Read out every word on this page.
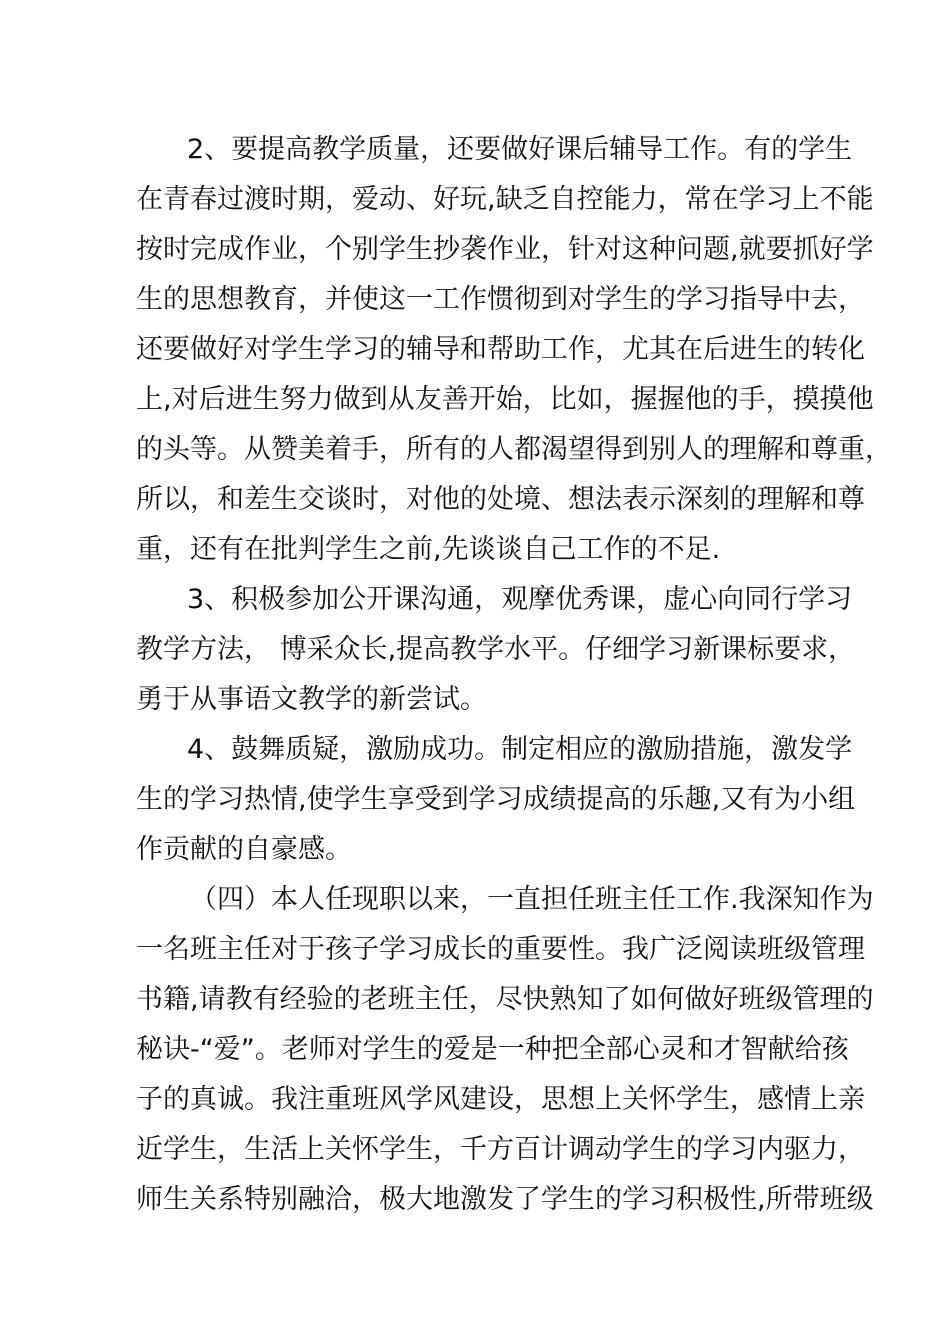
2、要提高教学质量，还要做好课后辅导工作。有的学生
在青春过渡时期，爱动、好玩,缺乏自控能力，常在学习上不能
按时完成作业，个别学生抄袭作业，针对这种问题,就要抓好学
生的思想教育，并使这一工作惯彻到对学生的学习指导中去，
还要做好对学生学习的辅导和帮助工作，尤其在后进生的转化
上,对后进生努力做到从友善开始，比如，握握他的手，摸摸他
的头等。从赞美着手，所有的人都渴望得到别人的理解和尊重，
所以，和差生交谈时，对他的处境、想法表示深刻的理解和尊
重，还有在批判学生之前,先谈谈自己工作的不足.
3、积极参加公开课沟通，观摩优秀课，虚心向同行学习
教学方法， 博采众长,提高教学水平。仔细学习新课标要求，
勇于从事语文教学的新尝试。
4、鼓舞质疑，激励成功。制定相应的激励措施，激发学
生的学习热情,使学生享受到学习成绩提高的乐趣,又有为小组
作贡献的自豪感。
（四）本人任现职以来，一直担任班主任工作.我深知作为
一名班主任对于孩子学习成长的重要性。我广泛阅读班级管理
书籍,请教有经验的老班主任，尽快熟知了如何做好班级管理的
秘诀-“爱”。老师对学生的爱是一种把全部心灵和才智献给孩
子的真诚。我注重班风学风建设，思想上关怀学生，感情上亲
近学生，生活上关怀学生，千方百计调动学生的学习内驱力，
师生关系特别融洽，极大地激发了学生的学习积极性,所带班级
